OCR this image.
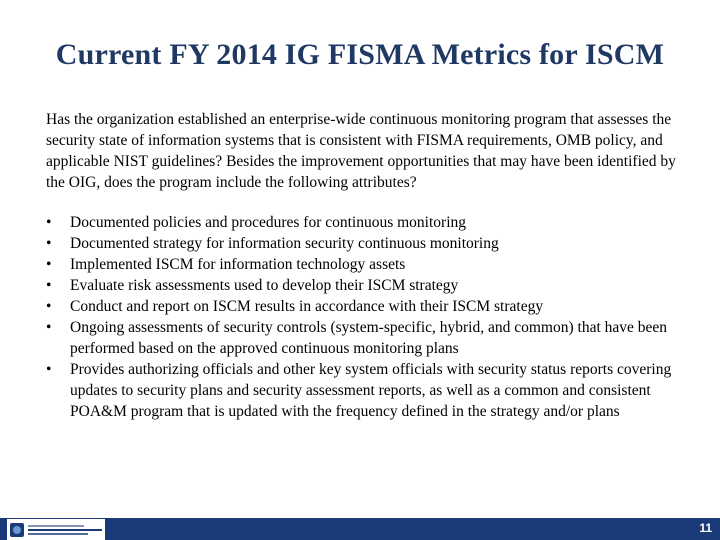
Current FY 2014 IG FISMA Metrics for ISCM

Has the organization established an enterprise-wide continuous monitoring program that assesses the security state of information systems that is consistent with FISMA requirements, OMB policy, and applicable NIST guidelines? Besides the improvement opportunities that may have been identified by the OIG, does the program include the following attributes?

• Documented policies and procedures for continuous monitoring
• Documented strategy for information security continuous monitoring
• Implemented ISCM for information technology assets
• Evaluate risk assessments used to develop their ISCM strategy
• Conduct and report on ISCM results in accordance with their ISCM strategy
• Ongoing assessments of security controls (system-specific, hybrid, and common) that have been performed based on the approved continuous monitoring plans
• Provides authorizing officials and other key system officials with security status reports covering updates to security plans and security assessment reports, as well as a common and consistent POA&M program that is updated with the frequency defined in the strategy and/or plans
11
